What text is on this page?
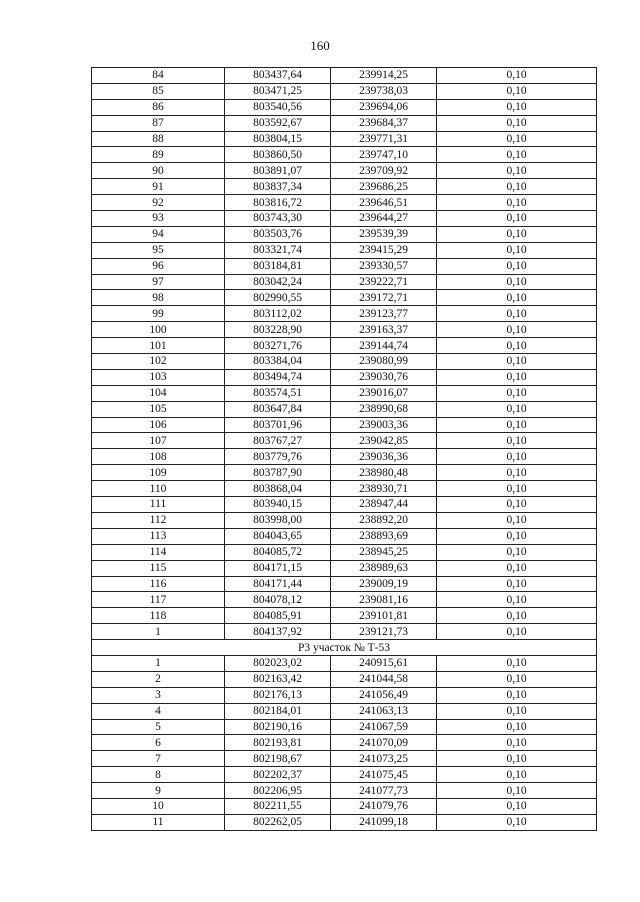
160
84	803437,64	239914,25	0,10
85	803471,25	239738,03	0,10
86	803540,56	239694,06	0,10
87	803592,67	239684,37	0,10
88	803804,15	239771,31	0,10
89	803860,50	239747,10	0,10
90	803891,07	239709,92	0,10
91	803837,34	239686,25	0,10
92	803816,72	239646,51	0,10
93	803743,30	239644,27	0,10
94	803503,76	239539,39	0,10
95	803321,74	239415,29	0,10
96	803184,81	239330,57	0,10
97	803042,24	239222,71	0,10
98	802990,55	239172,71	0,10
99	803112,02	239123,77	0,10
100	803228,90	239163,37	0,10
101	803271,76	239144,74	0,10
102	803384,04	239080,99	0,10
103	803494,74	239030,76	0,10
104	803574,51	239016,07	0,10
105	803647,84	238990,68	0,10
106	803701,96	239003,36	0,10
107	803767,27	239042,85	0,10
108	803779,76	239036,36	0,10
109	803787,90	238980,48	0,10
110	803868,04	238930,71	0,10
111	803940,15	238947,44	0,10
112	803998,00	238892,20	0,10
113	804043,65	238893,69	0,10
114	804085,72	238945,25	0,10
115	804171,15	238989,63	0,10
116	804171,44	239009,19	0,10
117	804078,12	239081,16	0,10
118	804085,91	239101,81	0,10
1	804137,92	239121,73	0,10
Р3 участок № Т-53			
1	802023,02	240915,61	0,10
2	802163,42	241044,58	0,10
3	802176,13	241056,49	0,10
4	802184,01	241063,13	0,10
5	802190,16	241067,59	0,10
6	802193,81	241070,09	0,10
7	802198,67	241073,25	0,10
8	802202,37	241075,45	0,10
9	802206,95	241077,73	0,10
10	802211,55	241079,76	0,10
11	802262,05	241099,18	0,10
